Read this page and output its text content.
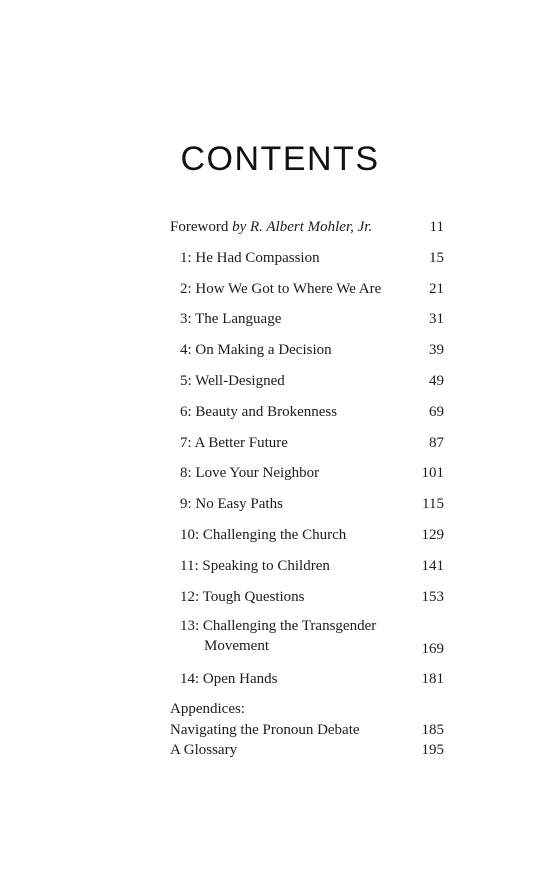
CONTENTS
Foreword by R. Albert Mohler, Jr.	11
1: He Had Compassion	15
2: How We Got to Where We Are	21
3: The Language	31
4: On Making a Decision	39
5: Well-Designed	49
6: Beauty and Brokenness	69
7: A Better Future	87
8: Love Your Neighbor	101
9: No Easy Paths	115
10: Challenging the Church	129
11: Speaking to Children	141
12: Tough Questions	153
13: Challenging the Transgender
Movement	169
14: Open Hands	181
Appendices:
Navigating the Pronoun Debate	185
A Glossary	195
